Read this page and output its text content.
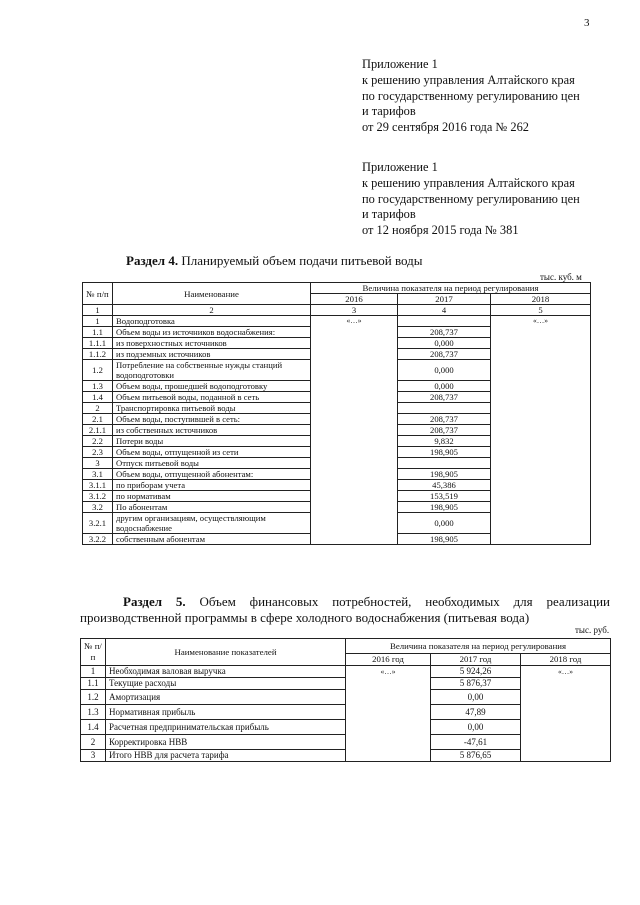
3
Приложение 1
к решению управления Алтайского края
по государственному регулированию цен
и тарифов
от 29 сентября 2016 года № 262
Приложение 1
к решению управления Алтайского края
по государственному регулированию цен
и тарифов
от 12 ноября 2015 года № 381
Раздел 4. Планируемый объем подачи питьевой воды
тыс. куб. м
№ п/п	Наименование	Величина показателя на период регулирования		
		2016	2017	2018
1	2	3	4	5
1	Водоподготовка	«…»		«…»
1.1	Объем воды из источников водоснабжения:		208,737	
1.1.1	из поверхностных источников		0,000	
1.1.2	из подземных источников		208,737	
1.2	Потребление на собственные нужды станций водоподготовки		0,000	
1.3	Объем воды, прошедшей водоподготовку		0,000	
1.4	Объем питьевой воды, поданной в сеть		208,737	
2	Транспортировка питьевой воды			
2.1	Объем воды, поступившей в сеть:		208,737	
2.1.1	из собственных источников		208,737	
2.2	Потери воды		9,832	
2.3	Объем воды, отпущенной из сети		198,905	
3	Отпуск питьевой воды			
3.1	Объем воды, отпущенной абонентам:		198,905	
3.1.1	по приборам учета		45,386	
3.1.2	по нормативам		153,519	
3.2	По абонентам		198,905	
3.2.1	другим организациям, осуществляющим водоснабжение		0,000	
3.2.2	собственным абонентам		198,905	
Раздел 5. Объем финансовых потребностей, необходимых для реализации производственной программы в сфере холодного водоснабжения (питьевая вода)
тыс. руб.
№ п/п	Наименование показателей	Величина показателя на период регулирования		
		2016 год	2017 год	2018 год
1	Необходимая валовая выручка	«…»	5 924,26	«…»
1.1	Текущие расходы		5 876,37	
1.2	Амортизация		0,00	
1.3	Нормативная прибыль		47,89	
1.4	Расчетная предпринимательская прибыль		0,00	
2	Корректировка НВВ		-47,61	
3	Итого НВВ для расчета тарифа		5 876,65	
